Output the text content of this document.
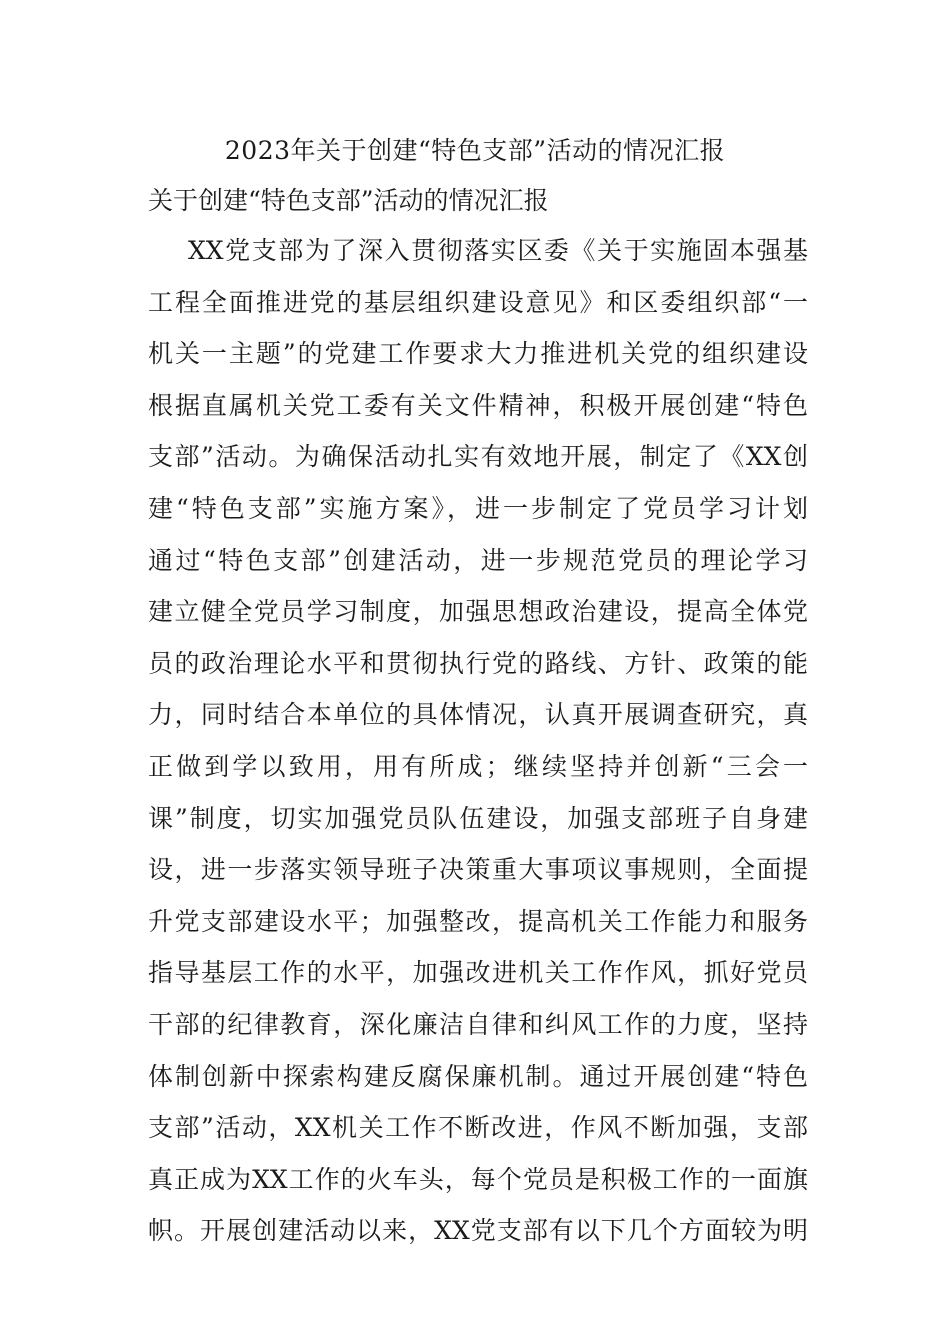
2023年关于创建“特色支部”活动的情况汇报
关于创建“特色支部”活动的情况汇报
XX党支部为了深入贯彻落实区委《关于实施固本强基
工程全面推进党的基层组织建设意见》和区委组织部“一
机关一主题”的党建工作要求大力推进机关党的组织建设
根据直属机关党工委有关文件精神，积极开展创建“特色
支部”活动。为确保活动扎实有效地开展，制定了《XX创
建“特色支部”实施方案》，进一步制定了党员学习计划
通过“特色支部”创建活动，进一步规范党员的理论学习
建立健全党员学习制度，加强思想政治建设，提高全体党
员的政治理论水平和贯彻执行党的路线、方针、政策的能
力，同时结合本单位的具体情况，认真开展调查研究，真
正做到学以致用，用有所成；继续坚持并创新“三会一
课”制度，切实加强党员队伍建设，加强支部班子自身建
设，进一步落实领导班子决策重大事项议事规则，全面提
升党支部建设水平；加强整改，提高机关工作能力和服务
指导基层工作的水平，加强改进机关工作作风，抓好党员
干部的纪律教育，深化廉洁自律和纠风工作的力度，坚持
体制创新中探索构建反腐保廉机制。通过开展创建“特色
支部”活动，XX机关工作不断改进，作风不断加强，支部
真正成为XX工作的火车头，每个党员是积极工作的一面旗
帜。开展创建活动以来，XX党支部有以下几个方面较为明
